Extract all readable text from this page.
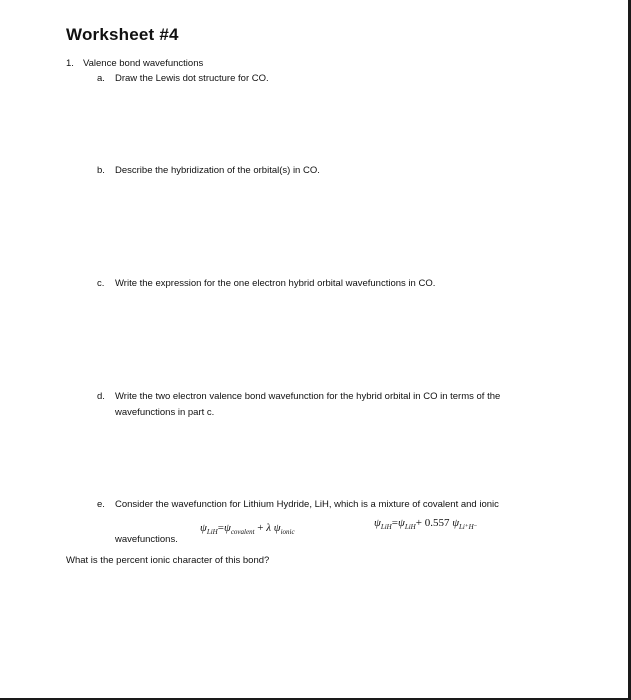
Worksheet #4
1. Valence bond wavefunctions
a. Draw the Lewis dot structure for CO.
b. Describe the hybridization of the orbital(s) in CO.
c. Write the expression for the one electron hybrid orbital wavefunctions in CO.
d. Write the two electron valence bond wavefunction for the hybrid orbital in CO in terms of the
wavefunctions in part c.
e. Consider the wavefunction for Lithium Hydride, LiH, which is a mixture of covalent and ionic
wavefunctions.
$\psi_{LiH}=\psi_{covalent} + \lambda$ $\psi_{ionic}$
$\psi_{LiH}=\psi_{LiH}+ 0.557$ $\psi_{Li^+H^-}$
What is the percent ionic character of this bond?
